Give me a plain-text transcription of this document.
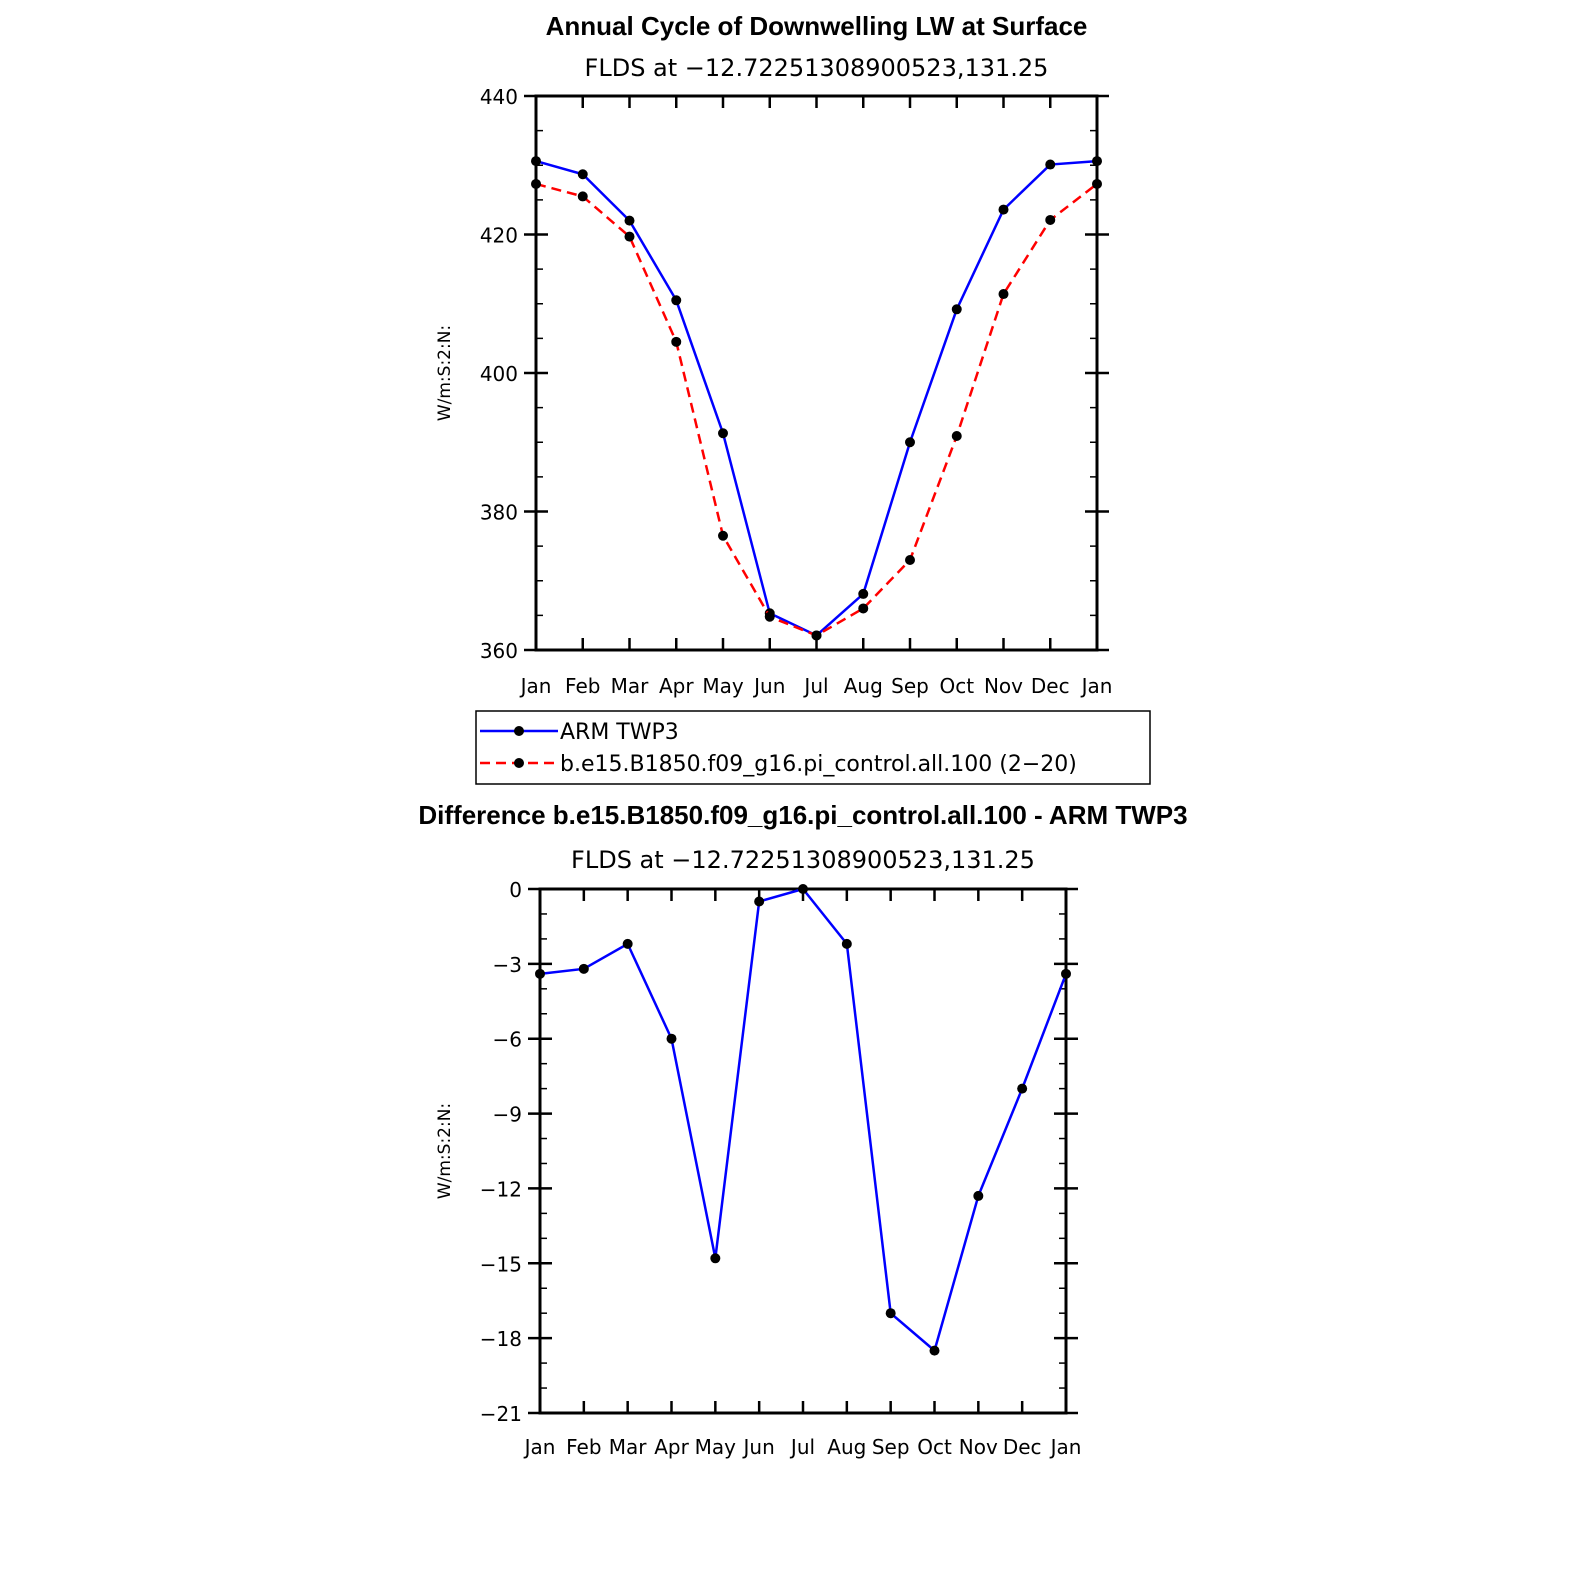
Annual Cycle of Downwelling LW at Surface
FLDS at −12.72251308900523,131.25
W/m:S:2:N:
Jan Feb Mar Apr May Jun Jul Aug Sep Oct Nov Dec Jan
360
380
400
420
440
ARM TWP3
b.e15.B1850.f09_g16.pi_control.all.100 (2−20)
Difference b.e15.B1850.f09_g16.pi_control.all.100 - ARM TWP3
FLDS at −12.72251308900523,131.25
W/m:S:2:N:
Jan Feb Mar Apr May Jun Jul Aug Sep Oct Nov Dec Jan
0
−3
−6
−9
−12
−15
−18
−21
